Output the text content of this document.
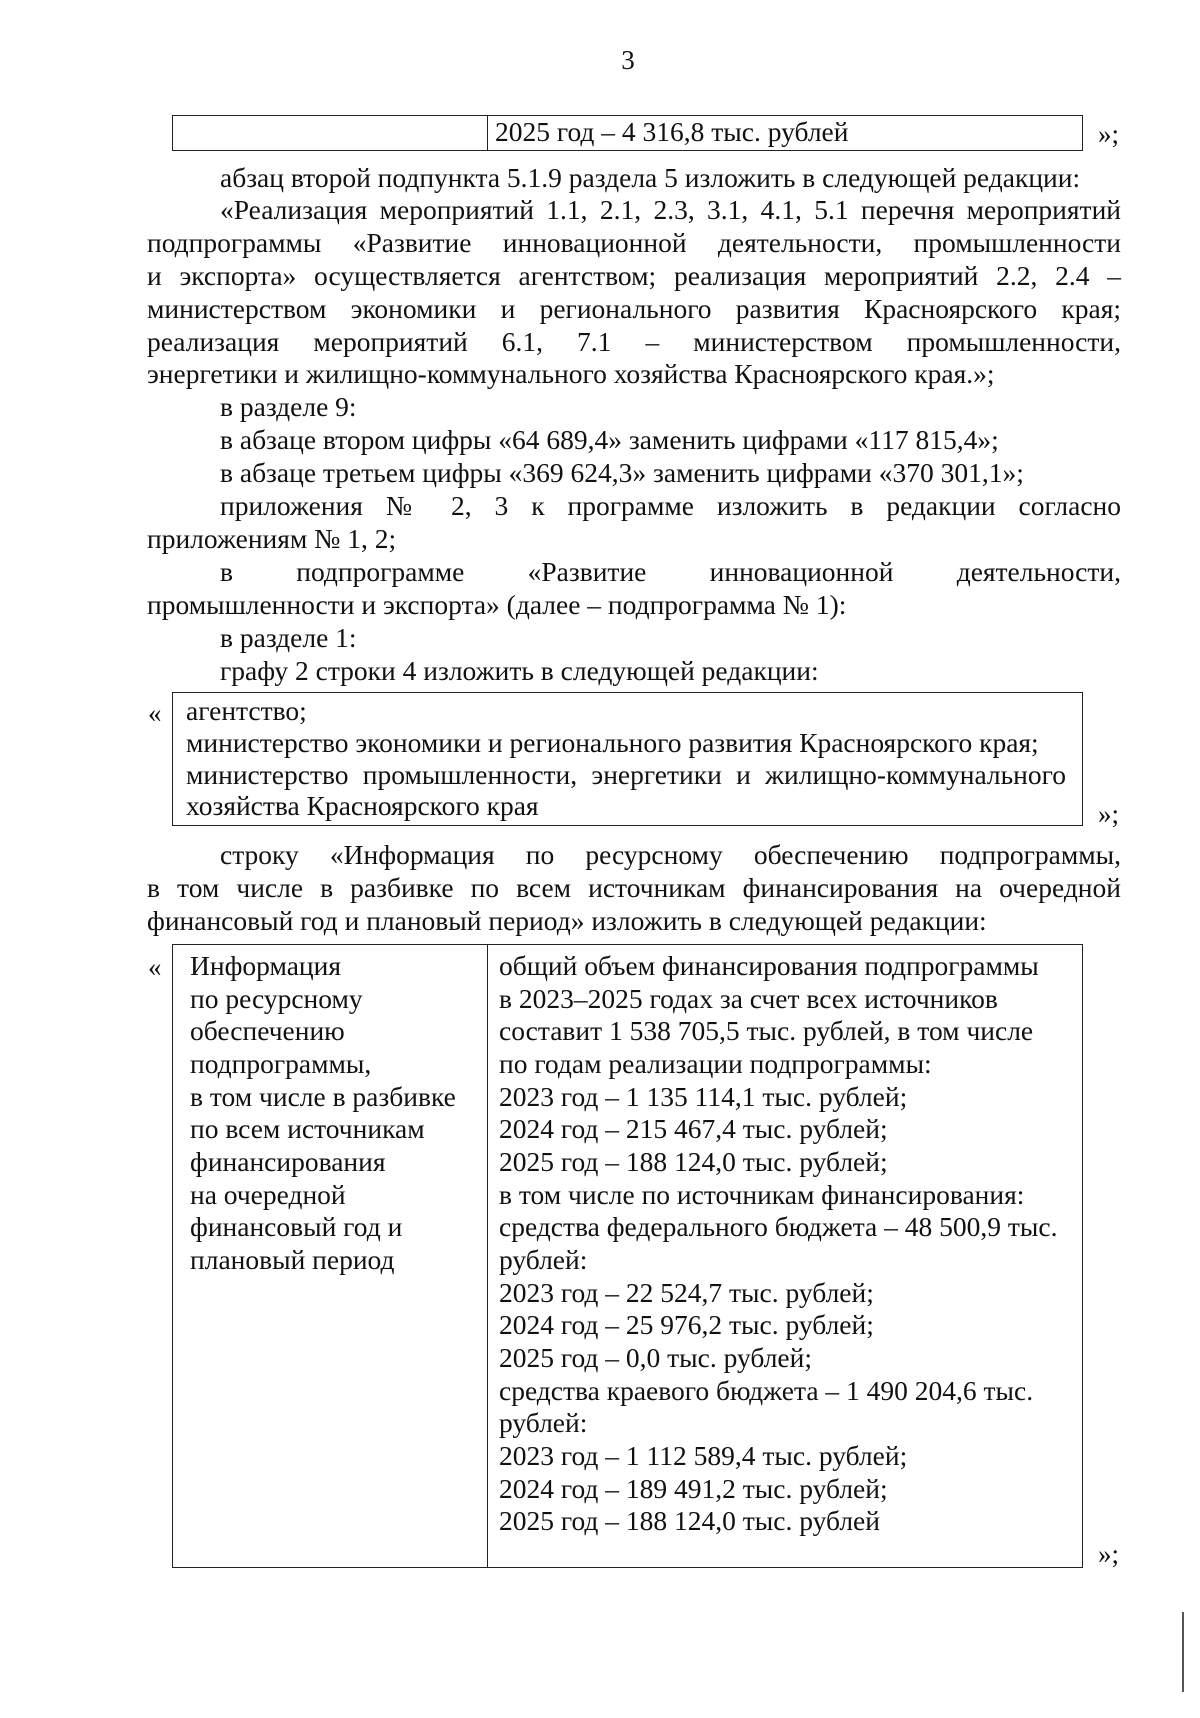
3
2025 год – 4 316,8 тыс. рублей	»;
абзац второй подпункта 5.1.9 раздела 5 изложить в следующей редакции:
«Реализация мероприятий 1.1, 2.1, 2.3, 3.1, 4.1, 5.1 перечня мероприятий
подпрограммы «Развитие инновационной деятельности, промышленности
и экспорта» осуществляется агентством; реализация мероприятий 2.2, 2.4 –
министерством экономики и регионального развития Красноярского края;
реализация мероприятий 6.1, 7.1 – министерством промышленности,
энергетики и жилищно-коммунального хозяйства Красноярского края.»;
в разделе 9:
в абзаце втором цифры «64 689,4» заменить цифрами «117 815,4»;
в абзаце третьем цифры «369 624,3» заменить цифрами «370 301,1»;
приложения № 2, 3 к программе изложить в редакции согласно
приложениям № 1, 2;
в подпрограмме «Развитие инновационной деятельности,
промышленности и экспорта» (далее – подпрограмма № 1):
в разделе 1:
графу 2 строки 4 изложить в следующей редакции:
« агентство;
министерство экономики и регионального развития Красноярского края;
министерство промышленности, энергетики и жилищно-коммунального
хозяйства Красноярского края	»;
строку «Информация по ресурсному обеспечению подпрограммы,
в том числе в разбивке по всем источникам финансирования на очередной
финансовый год и плановый период» изложить в следующей редакции:
« Информация
по ресурсному
обеспечению
подпрограммы,
в том числе в разбивке
по всем источникам
финансирования
на очередной
финансовый год и
плановый период
общий объем финансирования подпрограммы
в 2023–2025 годах за счет всех источников
составит 1 538 705,5 тыс. рублей, в том числе
по годам реализации подпрограммы:
2023 год – 1 135 114,1 тыс. рублей;
2024 год – 215 467,4 тыс. рублей;
2025 год – 188 124,0 тыс. рублей;
в том числе по источникам финансирования:
средства федерального бюджета – 48 500,9 тыс.
рублей:
2023 год – 22 524,7 тыс. рублей;
2024 год – 25 976,2 тыс. рублей;
2025 год – 0,0 тыс. рублей;
средства краевого бюджета – 1 490 204,6 тыс.
рублей:
2023 год – 1 112 589,4 тыс. рублей;
2024 год – 189 491,2 тыс. рублей;
2025 год – 188 124,0 тыс. рублей
»;
